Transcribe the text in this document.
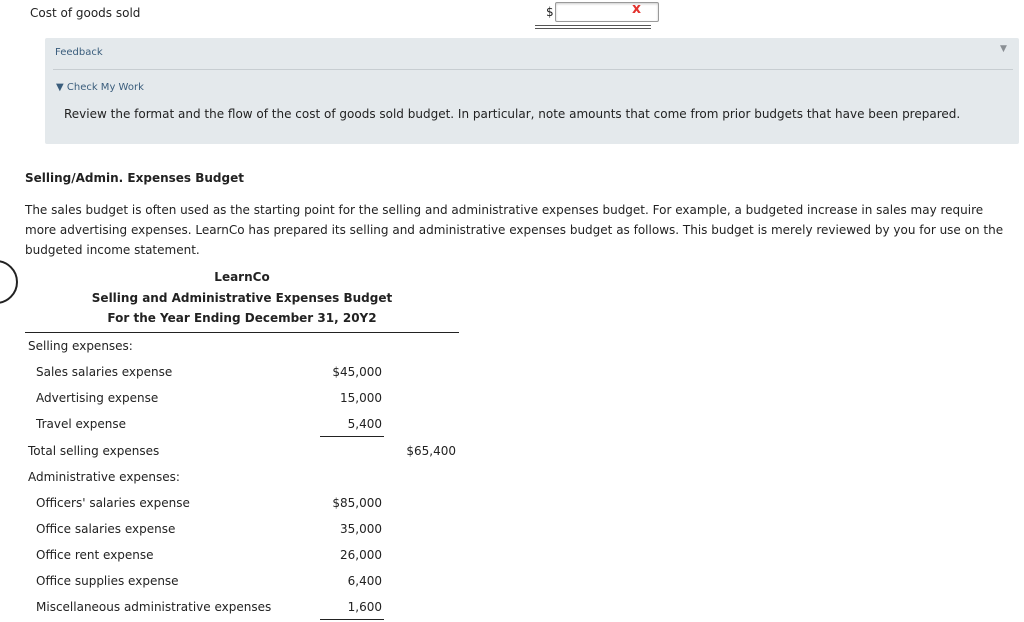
Cost of goods sold	$	x
Feedback	▼
▼ Check My Work
Review the format and the flow of the cost of goods sold budget. In particular, note amounts that come from prior budgets that have been prepared.
Selling/Admin. Expenses Budget
The sales budget is often used as the starting point for the selling and administrative expenses budget. For example, a budgeted increase in sales may require more advertising expenses. LearnCo has prepared its selling and administrative expenses budget as follows. This budget is merely reviewed by you for use on the budgeted income statement.
LearnCo
Selling and Administrative Expenses Budget
For the Year Ending December 31, 20Y2
Selling expenses:
Sales salaries expense	$45,000
Advertising expense	15,000
Travel expense	5,400
Total selling expenses	$65,400
Administrative expenses:
Officers' salaries expense	$85,000
Office salaries expense	35,000
Office rent expense	26,000
Office supplies expense	6,400
Miscellaneous administrative expenses	1,600
